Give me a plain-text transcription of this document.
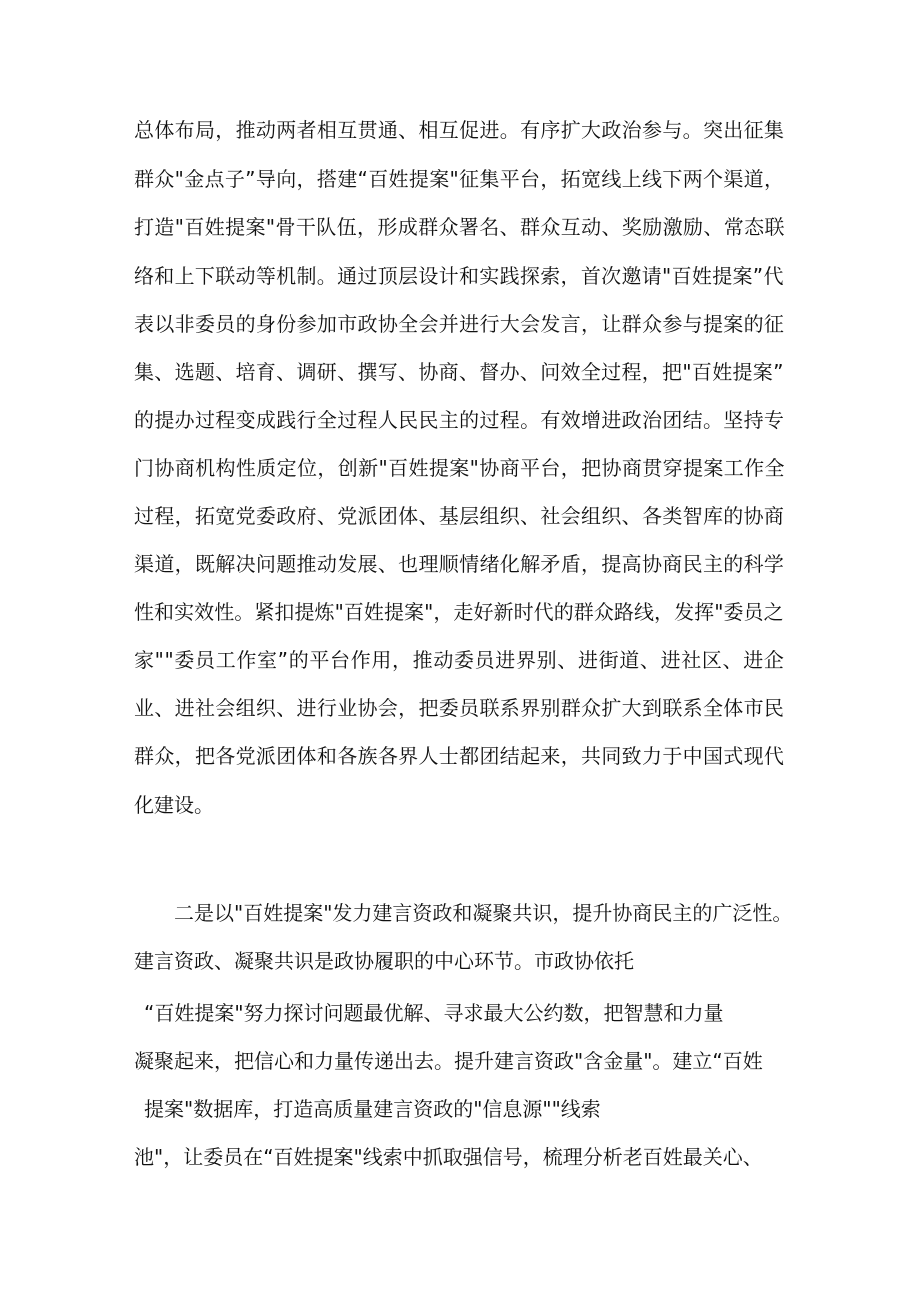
总体布局，推动两者相互贯通、相互促进。有序扩大政治参与。突出征集
群众"金点子”导向，搭建“百姓提案"征集平台，拓宽线上线下两个渠道，
打造"百姓提案"骨干队伍，形成群众署名、群众互动、奖励激励、常态联
络和上下联动等机制。通过顶层设计和实践探索，首次邀请"百姓提案”代
表以非委员的身份参加市政协全会并进行大会发言，让群众参与提案的征
集、选题、培育、调研、撰写、协商、督办、问效全过程，把"百姓提案”
的提办过程变成践行全过程人民民主的过程。有效增进政治团结。坚持专
门协商机构性质定位，创新"百姓提案"协商平台，把协商贯穿提案工作全
过程，拓宽党委政府、党派团体、基层组织、社会组织、各类智库的协商
渠道，既解决问题推动发展、也理顺情绪化解矛盾，提高协商民主的科学
性和实效性。紧扣提炼"百姓提案"，走好新时代的群众路线，发挥"委员之
家""委员工作室”的平台作用，推动委员进界别、进街道、进社区、进企
业、进社会组织、进行业协会，把委员联系界别群众扩大到联系全体市民
群众，把各党派团体和各族各界人士都团结起来，共同致力于中国式现代
化建设。
二是以"百姓提案"发力建言资政和凝聚共识，提升协商民主的广泛性。
建言资政、凝聚共识是政协履职的中心环节。市政协依托
“百姓提案"努力探讨问题最优解、寻求最大公约数，把智慧和力量
凝聚起来，把信心和力量传递出去。提升建言资政"含金量"。建立“百姓
提案"数据库，打造高质量建言资政的"信息源""线索
池"，让委员在“百姓提案"线索中抓取强信号，梳理分析老百姓最关心、
